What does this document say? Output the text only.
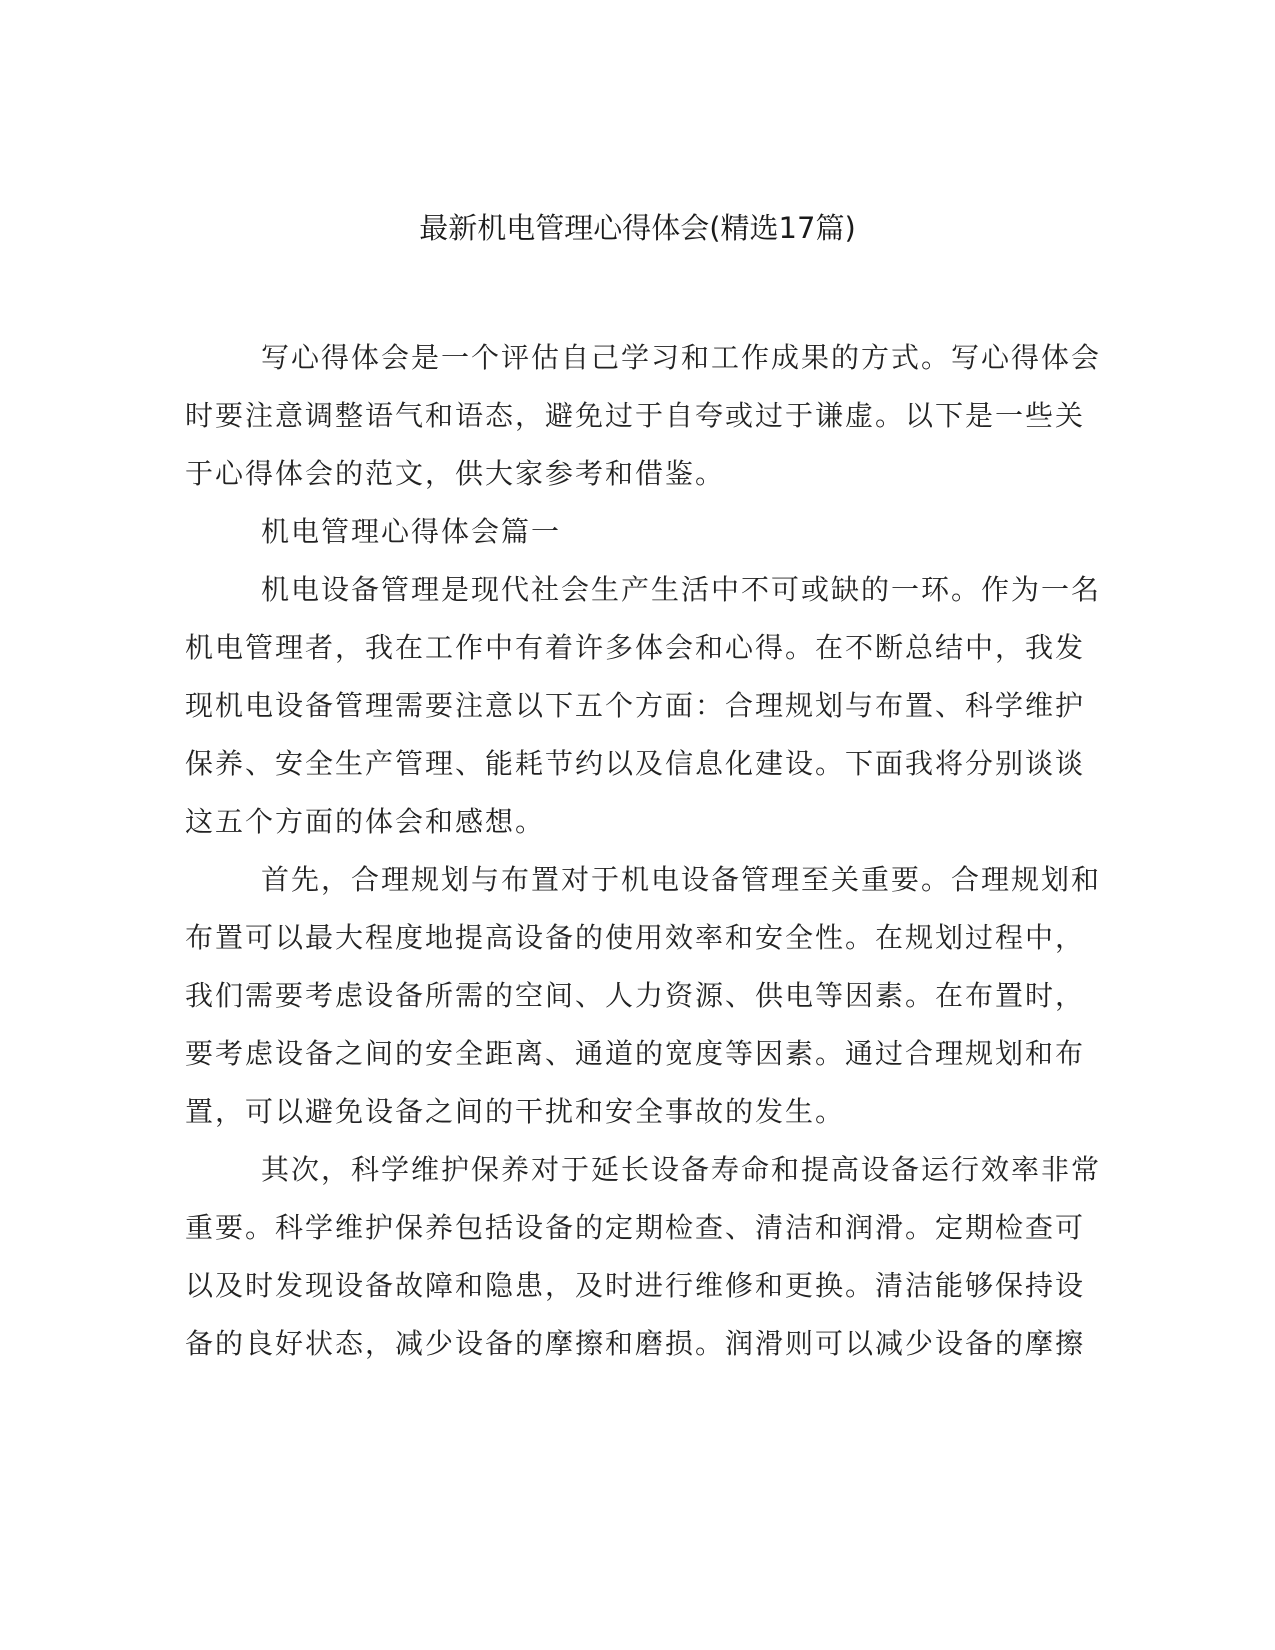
最新机电管理心得体会(精选17篇)

写心得体会是一个评估自己学习和工作成果的方式。写心得体会
时要注意调整语气和语态，避免过于自夸或过于谦虚。以下是一些关
于心得体会的范文，供大家参考和借鉴。

机电管理心得体会篇一

机电设备管理是现代社会生产生活中不可或缺的一环。作为一名
机电管理者，我在工作中有着许多体会和心得。在不断总结中，我发
现机电设备管理需要注意以下五个方面：合理规划与布置、科学维护
保养、安全生产管理、能耗节约以及信息化建设。下面我将分别谈谈
这五个方面的体会和感想。

首先，合理规划与布置对于机电设备管理至关重要。合理规划和
布置可以最大程度地提高设备的使用效率和安全性。在规划过程中，
我们需要考虑设备所需的空间、人力资源、供电等因素。在布置时，
要考虑设备之间的安全距离、通道的宽度等因素。通过合理规划和布
置，可以避免设备之间的干扰和安全事故的发生。

其次，科学维护保养对于延长设备寿命和提高设备运行效率非常
重要。科学维护保养包括设备的定期检查、清洁和润滑。定期检查可
以及时发现设备故障和隐患，及时进行维修和更换。清洁能够保持设
备的良好状态，减少设备的摩擦和磨损。润滑则可以减少设备的摩擦
